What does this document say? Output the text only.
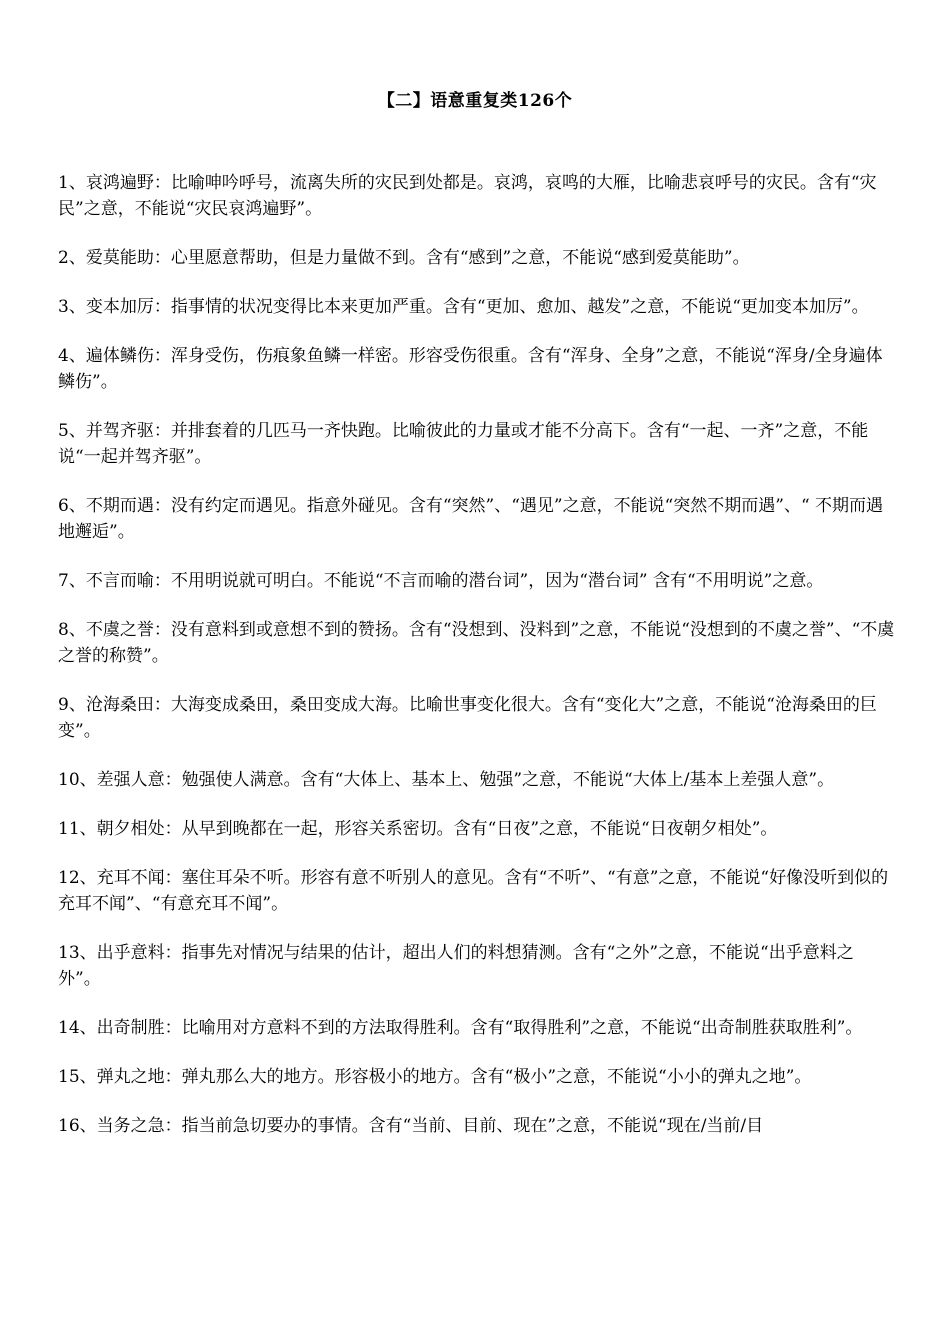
【二】语意重复类126个

1、哀鸿遍野：比喻呻吟呼号，流离失所的灾民到处都是。哀鸿，哀鸣的大雁，比喻悲哀呼号的灾民。含有“灾民”之意，不能说“灾民哀鸿遍野”。

2、爱莫能助：心里愿意帮助，但是力量做不到。含有“感到”之意，不能说“感到爱莫能助”。

3、变本加厉：指事情的状况变得比本来更加严重。含有“更加、愈加、越发”之意，不能说“更加变本加厉”。

4、遍体鳞伤：浑身受伤，伤痕象鱼鳞一样密。形容受伤很重。含有“浑身、全身”之意，不能说“浑身/全身遍体鳞伤”。

5、并驾齐驱：并排套着的几匹马一齐快跑。比喻彼此的力量或才能不分高下。含有“一起、一齐”之意，不能说“一起并驾齐驱”。

6、不期而遇：没有约定而遇见。指意外碰见。含有“突然”、“遇见”之意，不能说“突然不期而遇”、“ 不期而遇地邂逅”。

7、不言而喻：不用明说就可明白。不能说“不言而喻的潜台词”，因为“潜台词” 含有“不用明说”之意。

8、不虞之誉：没有意料到或意想不到的赞扬。含有“没想到、没料到”之意，不能说“没想到的不虞之誉”、“不虞之誉的称赞”。

9、沧海桑田：大海变成桑田，桑田变成大海。比喻世事变化很大。含有“变化大”之意，不能说“沧海桑田的巨变”。

10、差强人意：勉强使人满意。含有“大体上、基本上、勉强”之意，不能说“大体上/基本上差强人意”。

11、朝夕相处：从早到晚都在一起，形容关系密切。含有“日夜”之意，不能说“日夜朝夕相处”。

12、充耳不闻：塞住耳朵不听。形容有意不听别人的意见。含有“不听”、“有意”之意，不能说“好像没听到似的充耳不闻”、“有意充耳不闻”。

13、出乎意料：指事先对情况与结果的估计，超出人们的料想猜测。含有“之外”之意，不能说“出乎意料之外”。

14、出奇制胜：比喻用对方意料不到的方法取得胜利。含有“取得胜利”之意，不能说“出奇制胜获取胜利”。

15、弹丸之地：弹丸那么大的地方。形容极小的地方。含有“极小”之意，不能说“小小的弹丸之地”。

16、当务之急：指当前急切要办的事情。含有“当前、目前、现在”之意，不能说“现在/当前/目
